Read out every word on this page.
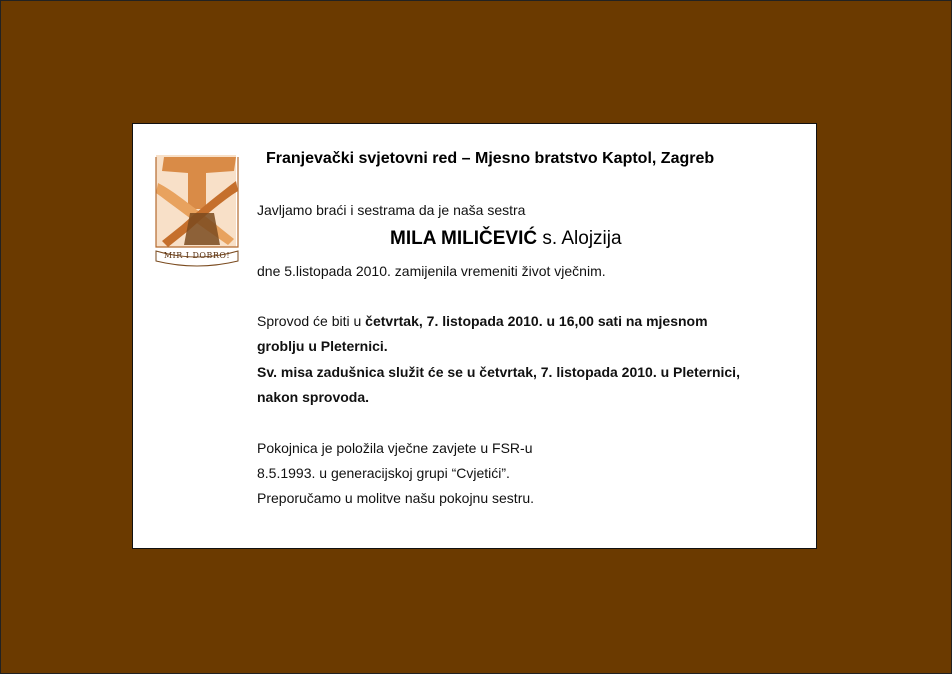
MIR I DOBRO!
Franjevački svjetovni red – Mjesno bratstvo Kaptol, Zagreb
Javljamo braći i sestrama da je naša sestra
MILA MILIČEVIĆ s. Alojzija
dne 5.listopada 2010. zamijenila vremeniti život vječnim.
Sprovod će biti u četvrtak, 7. listopada 2010. u 16,00 sati na mjesnom
groblju u Pleternici.
Sv. misa zadušnica služit će se u četvrtak, 7. listopada 2010. u Pleternici,
nakon sprovoda.
Pokojnica je položila vječne zavjete u FSR-u
8.5.1993. u generacijskoj grupi “Cvjetići”.
Preporučamo u molitve našu pokojnu sestru.
